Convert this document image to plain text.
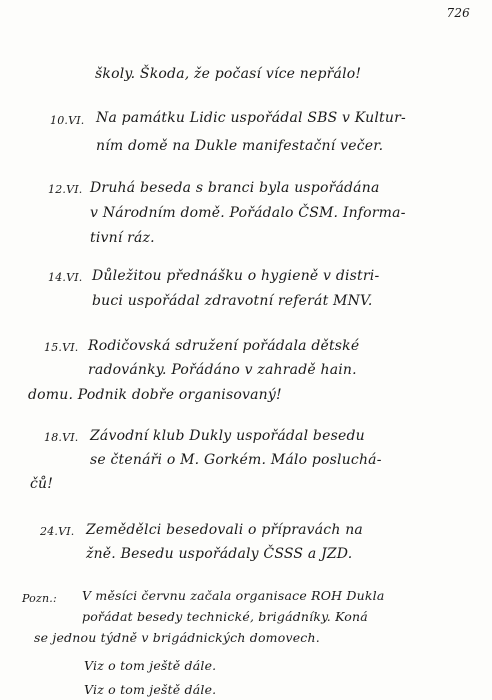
726
školy. Škoda, že počasí více nepřálo!
10.VI. Na památku Lidic uspořádal SBS v Kultur-
ním domě na Dukle manifestační večer.
12.VI. Druhá beseda s branci byla uspořádána
v Národním domě. Pořádalo ČSM. Informa-
tivní ráz.
14.VI. Důležitou přednášku o hygieně v distri-
buci uspořádal zdravotní referát MNV.
15.VI. Rodičovská sdružení pořádala dětské
radovánky. Pořádáno v zahradě hain.
domu. Podnik dobře organisovaný!
18.VI. Závodní klub Dukly uspořádal besedu
se čtenáři o M. Gorkém. Málo posluchá-
čů!
24.VI. Zemědělci besedovali o přípravách na
žně. Besedu uspořádaly ČSSS a JZD.
Pozn.: V měsíci červnu začala organisace ROH Dukla
pořádat besedy technické, brigádníky. Koná
se jednou týdně v brigádnických domovech.
Viz o tom ještě dále.
Viz o tom ještě dále.
